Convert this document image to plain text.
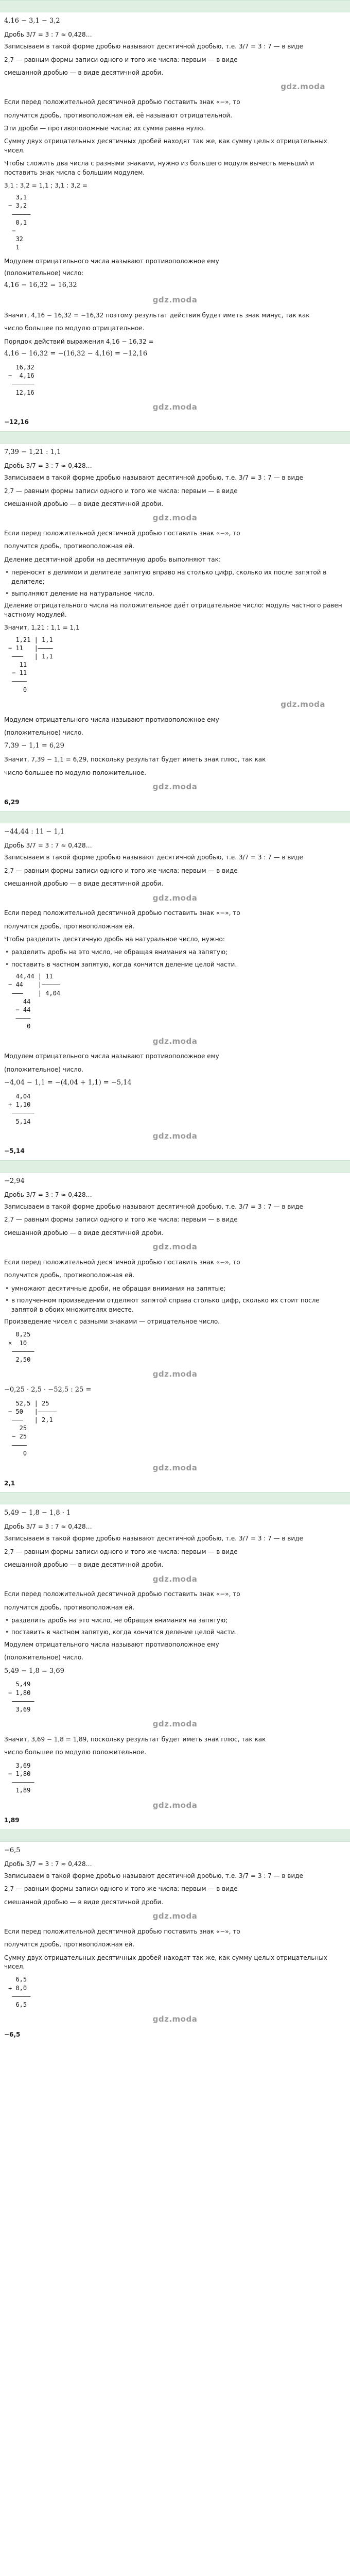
4,16 − 3,1 − 3,2
Дробь 3/7 = 3 : 7 ≈ 0,428…
Записываем в такой форме дробью называют десятичной дробью, т.е. 3/7 = 3 : 7 — в виде
2,7 — равным формы записи одного и того же числа: первым — в виде
смешанной дробью — в виде десятичной дроби.
gdz.moda
Если перед положительной десятичной дробью поставить знак «−», то
получится дробь, противоположная ей, её называют отрицательной.
Эти дроби — противоположные числа; их сумма равна нулю.
Сумму двух отрицательных десятичных дробей находят так же, как сумму целых отрицательных чисел.
Чтобы сложить два числа с разными знаками, нужно из большего модуля вычесть меньший и поставить знак числа с большим модулем.
3,1 : 3,2 = 1,1 ; 3,1 : 3,2 =
3,1
− 3,2
—————
0,1
−
32
1
Модулем отрицательного числа называют противоположное ему
(положительное) число:
4,16 − 16,32 = 16,32
gdz.moda
Значит, 4,16 − 16,32 = −16,32 поэтому результат действия будет иметь знак минус, так как
число большее по модулю отрицательное.
Порядок действий выражения 4,16 − 16,32 =
4,16 − 16,32 = −(16,32 − 4,16) = −12,16
16,32
−  4,16
——————
12,16
gdz.moda
−12,16
7,39 − 1,21 : 1,1
Дробь 3/7 = 3 : 7 ≈ 0,428…
Записываем в такой форме дробью называют десятичной дробью, т.е. 3/7 = 3 : 7 — в виде
2,7 — равным формы записи одного и того же числа: первым — в виде
смешанной дробью — в виде десятичной дроби.
gdz.moda
Если перед положительной десятичной дробью поставить знак «−», то
получится дробь, противоположная ей.
Деление десятичной дроби на десятичную дробь выполняют так:
• переносят в делимом и делителе запятую вправо на столько цифр, сколько их после запятой в делителе;
• выполняют деление на натуральное число.
Деление отрицательного числа на положительное даёт отрицательное число: модуль частного равен частному модулей.
Значит, 1,21 : 1,1 = 1,1
1,21 | 1,1
− 11   |————
———   | 1,1
11
− 11
————
0
gdz.moda
Модулем отрицательного числа называют противоположное ему
(положительное) число.
7,39 − 1,1 = 6,29
Значит, 7,39 − 1,1 = 6,29, поскольку результат будет иметь знак плюс, так как
число большее по модулю положительное.
gdz.moda
6,29
−44,44 : 11 − 1,1
Дробь 3/7 = 3 : 7 ≈ 0,428…
Записываем в такой форме дробью называют десятичной дробью, т.е. 3/7 = 3 : 7 — в виде
2,7 — равным формы записи одного и того же числа: первым — в виде
смешанной дробью — в виде десятичной дроби.
gdz.moda
Если перед положительной десятичной дробью поставить знак «−», то
получится дробь, противоположная ей.
Чтобы разделить десятичную дробь на натуральное число, нужно:
• разделить дробь на это число, не обращая внимания на запятую;
• поставить в частном запятую, когда кончится деление целой части.
44,44 | 11
− 44    |—————
———    | 4,04
44
− 44
————
0
gdz.moda
Модулем отрицательного числа называют противоположное ему
(положительное) число.
−4,04 − 1,1 = −(4,04 + 1,1) = −5,14
4,04
+ 1,10
——————
5,14
gdz.moda
−5,14
−2,94
Дробь 3/7 = 3 : 7 ≈ 0,428…
Записываем в такой форме дробью называют десятичной дробью, т.е. 3/7 = 3 : 7 — в виде
2,7 — равным формы записи одного и того же числа: первым — в виде
смешанной дробью — в виде десятичной дроби.
gdz.moda
Если перед положительной десятичной дробью поставить знак «−», то
получится дробь, противоположная ей.
• умножают десятичные дроби, не обращая внимания на запятые;
• в полученном произведении отделяют запятой справа столько цифр, сколько их стоит после запятой в обоих множителях вместе.
Произведение чисел с разными знаками — отрицательное число.
0,25
×  10
——————
2,50
gdz.moda
−0,25 · 2,5 · −52,5 : 25 =
52,5 | 25
− 50   |—————
———   | 2,1
25
− 25
————
0
gdz.moda
2,1
5,49 − 1,8 − 1,8 · 1
Дробь 3/7 = 3 : 7 ≈ 0,428…
Записываем в такой форме дробью называют десятичной дробью, т.е. 3/7 = 3 : 7 — в виде
2,7 — равным формы записи одного и того же числа: первым — в виде
смешанной дробью — в виде десятичной дроби.
gdz.moda
Если перед положительной десятичной дробью поставить знак «−», то
получится дробь, противоположная ей.
• разделить дробь на это число, не обращая внимания на запятую;
• поставить в частном запятую, когда кончится деление целой части.
Модулем отрицательного числа называют противоположное ему
(положительное) число.
5,49 − 1,8 = 3,69
5,49
− 1,80
——————
3,69
gdz.moda
Значит, 3,69 − 1,8 = 1,89, поскольку результат будет иметь знак плюс, так как
число большее по модулю положительное.
3,69
− 1,80
——————
1,89
gdz.moda
1,89
−6,5
Дробь 3/7 = 3 : 7 ≈ 0,428…
Записываем в такой форме дробью называют десятичной дробью, т.е. 3/7 = 3 : 7 — в виде
2,7 — равным формы записи одного и того же числа: первым — в виде
смешанной дробью — в виде десятичной дроби.
gdz.moda
Если перед положительной десятичной дробью поставить знак «−», то
получится дробь, противоположная ей.
Сумму двух отрицательных десятичных дробей находят так же, как сумму целых отрицательных чисел.
6,5
+ 0,0
—————
6,5
gdz.moda
−6,5
